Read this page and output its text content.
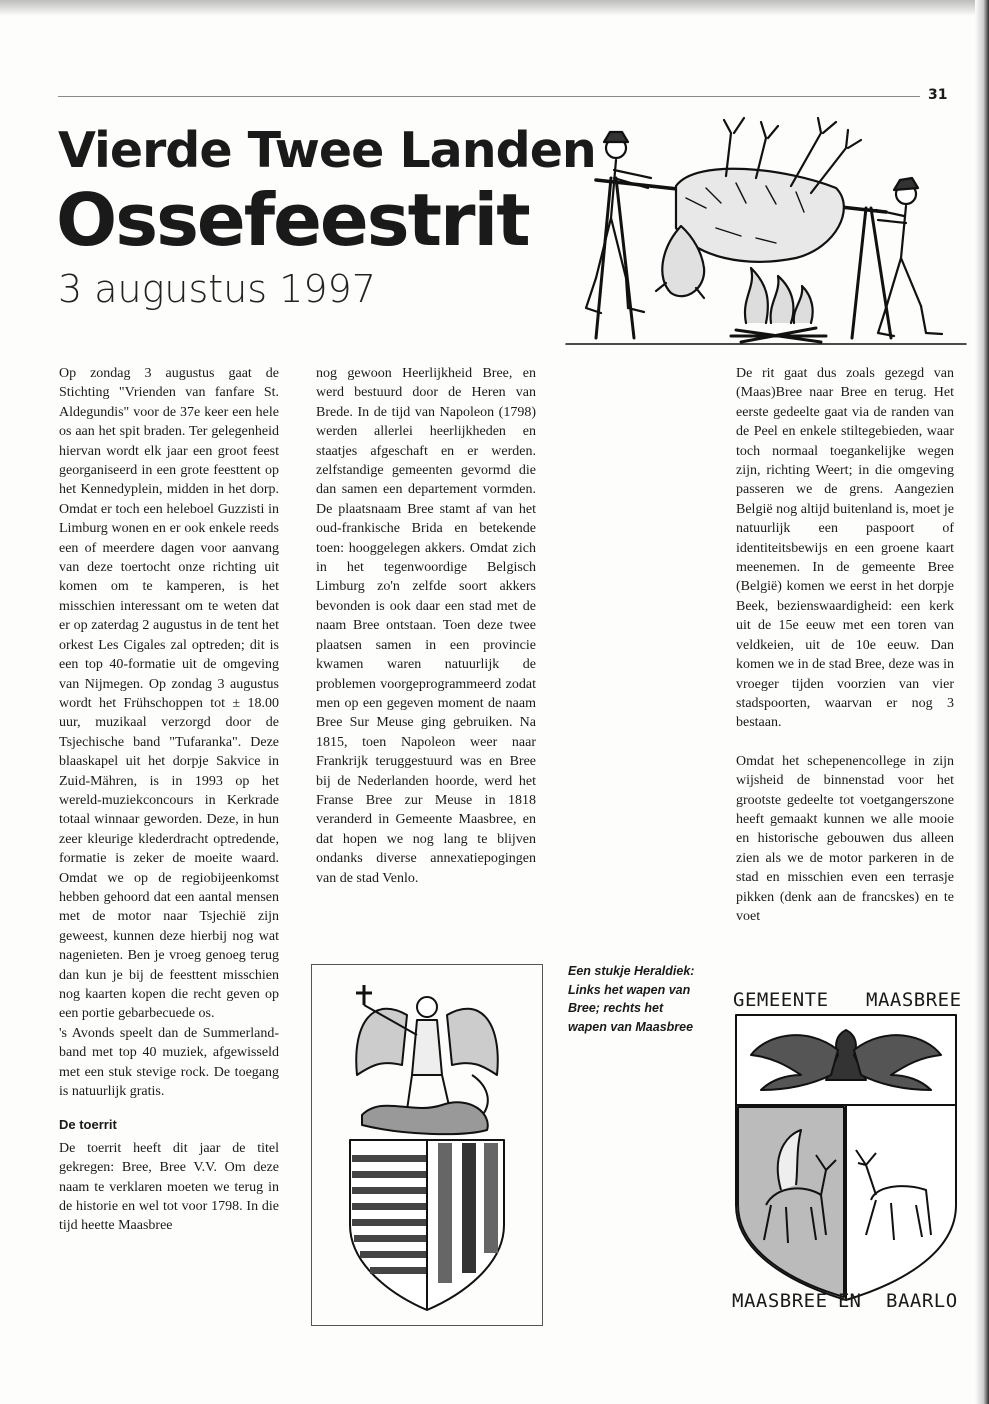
31
Vierde Twee Landen
Ossefeestrit
3 augustus 1997

Op zondag 3 augustus gaat de Stichting "Vrienden van fanfare St. Aldegundis" voor de 37e keer een hele os aan het spit braden. Ter gelegenheid hiervan wordt elk jaar een groot feest georganiseerd in een grote feesttent op het Kennedyplein, midden in het dorp. Omdat er toch een heleboel Guzzisti in Limburg wonen en er ook enkele reeds een of meerdere dagen voor aanvang van deze toertocht onze richting uit komen om te kamperen, is het misschien interessant om te weten dat er op zaterdag 2 augustus in de tent het orkest Les Cigales zal optreden; dit is een top 40-formatie uit de omgeving van Nijmegen. Op zondag 3 augustus wordt het Frühschoppen tot ± 18.00 uur, muzikaal verzorgd door de Tsjechische band "Tufaranka". Deze blaaskapel uit het dorpje Sakvice in Zuid-Mähren, is in 1993 op het wereld-muziekconcours in Kerkrade totaal winnaar geworden. Deze, in hun zeer kleurige klederdracht optredende, formatie is zeker de moeite waard. Omdat we op de regiobijeenkomst hebben gehoord dat een aantal mensen met de motor naar Tsjechië zijn geweest, kunnen deze hierbij nog wat nagenieten. Ben je vroeg genoeg terug dan kun je bij de feesttent misschien nog kaarten kopen die recht geven op een portie gebarbecuede os.

's Avonds speelt dan de Summerland-band met top 40 muziek, afgewisseld met een stuk stevige rock. De toegang is natuurlijk gratis.

De toerrit

De toerrit heeft dit jaar de titel gekregen: Bree, Bree V.V. Om deze naam te verklaren moeten we terug in de historie en wel tot voor 1798. In die tijd heette Maasbree

nog gewoon Heerlijkheid Bree, en werd bestuurd door de Heren van Brede. In de tijd van Napoleon (1798) werden allerlei heerlijkheden en staatjes afgeschaft en er werden. zelfstandige gemeenten gevormd die dan samen een departement vormden. De plaatsnaam Bree stamt af van het oud-frankische Brida en betekende toen: hooggelegen akkers. Omdat zich in het tegenwoordige Belgisch Limburg zo'n zelfde soort akkers bevonden is ook daar een stad met de naam Bree ontstaan. Toen deze twee plaatsen samen in een provincie kwamen waren natuurlijk de problemen voorgeprogrammeerd zodat men op een gegeven moment de naam Bree Sur Meuse ging gebruiken. Na 1815, toen Napoleon weer naar Frankrijk teruggestuurd was en Bree bij de Nederlanden hoorde, werd het Franse Bree zur Meuse in 1818 veranderd in Gemeente Maasbree, en dat hopen we nog lang te blijven ondanks diverse annexatiepogingen van de stad Venlo.

De rit gaat dus zoals gezegd van (Maas)Bree naar Bree en terug. Het eerste gedeelte gaat via de randen van de Peel en enkele stiltegebieden, waar toch normaal toegankelijke wegen zijn, richting Weert; in die omgeving passeren we de grens. Aangezien België nog altijd buitenland is, moet je natuurlijk een paspoort of identiteitsbewijs en een groene kaart meenemen. In de gemeente Bree (België) komen we eerst in het dorpje Beek, bezienswaardigheid: een kerk uit de 15e eeuw met een toren van veldkeien, uit de 10e eeuw. Dan komen we in de stad Bree, deze was in vroeger tijden voorzien van vier stadspoorten, waarvan er nog 3 bestaan.

Omdat het schepenencollege in zijn wijsheid de binnenstad voor het grootste gedeelte tot voetgangerszone heeft gemaakt kunnen we alle mooie en historische gebouwen dus alleen zien als we de motor parkeren in de stad en misschien even een terrasje pikken (denk aan de francskes) en te voet

Een stukje Heraldiek: Links het wapen van Bree; rechts het wapen van Maasbree
GEMEENTE MAASBREE
MAASBREE EN BAARLO
